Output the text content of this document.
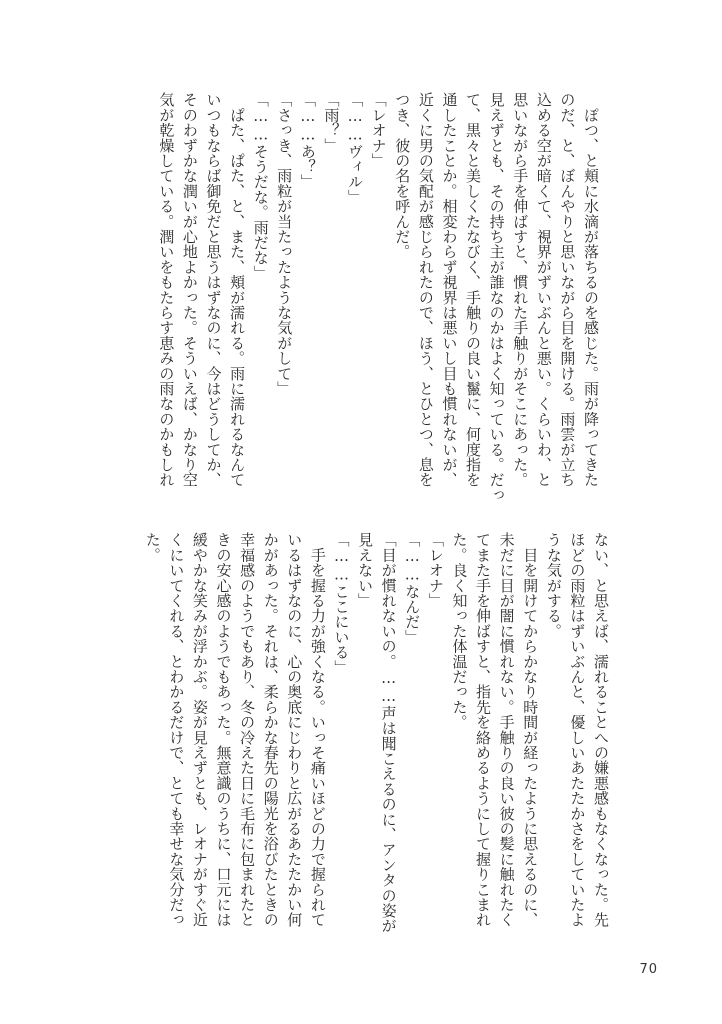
　ぽつ、と頬に水滴が落ちるのを感じた。雨が降ってきた
のだ、と、ぼんやりと思いながら目を開ける。雨雲が立ち
込める空が暗くて、視界がずいぶんと悪い。くらいわ、と
思いながら手を伸ばすと、慣れた手触りがそこにあった。
見えずとも、その持ち主が誰なのかはよく知っている。だっ
て、黒々と美しくたなびく、手触りの良い鬣に、何度指を
通したことか。相変わらず視界は悪いし目も慣れないが、
近くに男の気配が感じられたので、ほう、とひとつ、息を
つき、彼の名を呼んだ。
「レオナ」
「……ヴィル」
「雨？」
「……あ？」
「さっき、雨粒が当たったような気がして」
「……そうだな。雨だな」
　ぱた、ぱた、と、また、頬が濡れる。雨に濡れるなんて
いつもならば御免だと思うはずなのに、今はどうしてか、
そのわずかな潤いが心地よかった。そういえば、かなり空
気が乾燥している。潤いをもたらす恵みの雨なのかもしれ
ない、と思えば、濡れることへの嫌悪感もなくなった。先
ほどの雨粒はずいぶんと、優しいあたたかさをしていたよ
うな気がする。
　目を開けてからかなり時間が経ったように思えるのに、
未だに目が闇に慣れない。手触りの良い彼の髪に触れたく
てまた手を伸ばすと、指先を絡めるようにして握りこまれ
た。良く知った体温だった。
「レオナ」
「……なんだ」
「目が慣れないの。……声は聞こえるのに、アンタの姿が
見えない」
「……ここにいる」
　手を握る力が強くなる。いっそ痛いほどの力で握られて
いるはずなのに、心の奥底にじわりと広がるあたたかい何
かがあった。それは、柔らかな春先の陽光を浴びたときの
幸福感のようでもあり、冬の冷えた日に毛布に包まれたと
きの安心感のようでもあった。無意識のうちに、口元には
緩やかな笑みが浮かぶ。姿が見えずとも、レオナがすぐ近
くにいてくれる、とわかるだけで、とても幸せな気分だっ
た。
70
